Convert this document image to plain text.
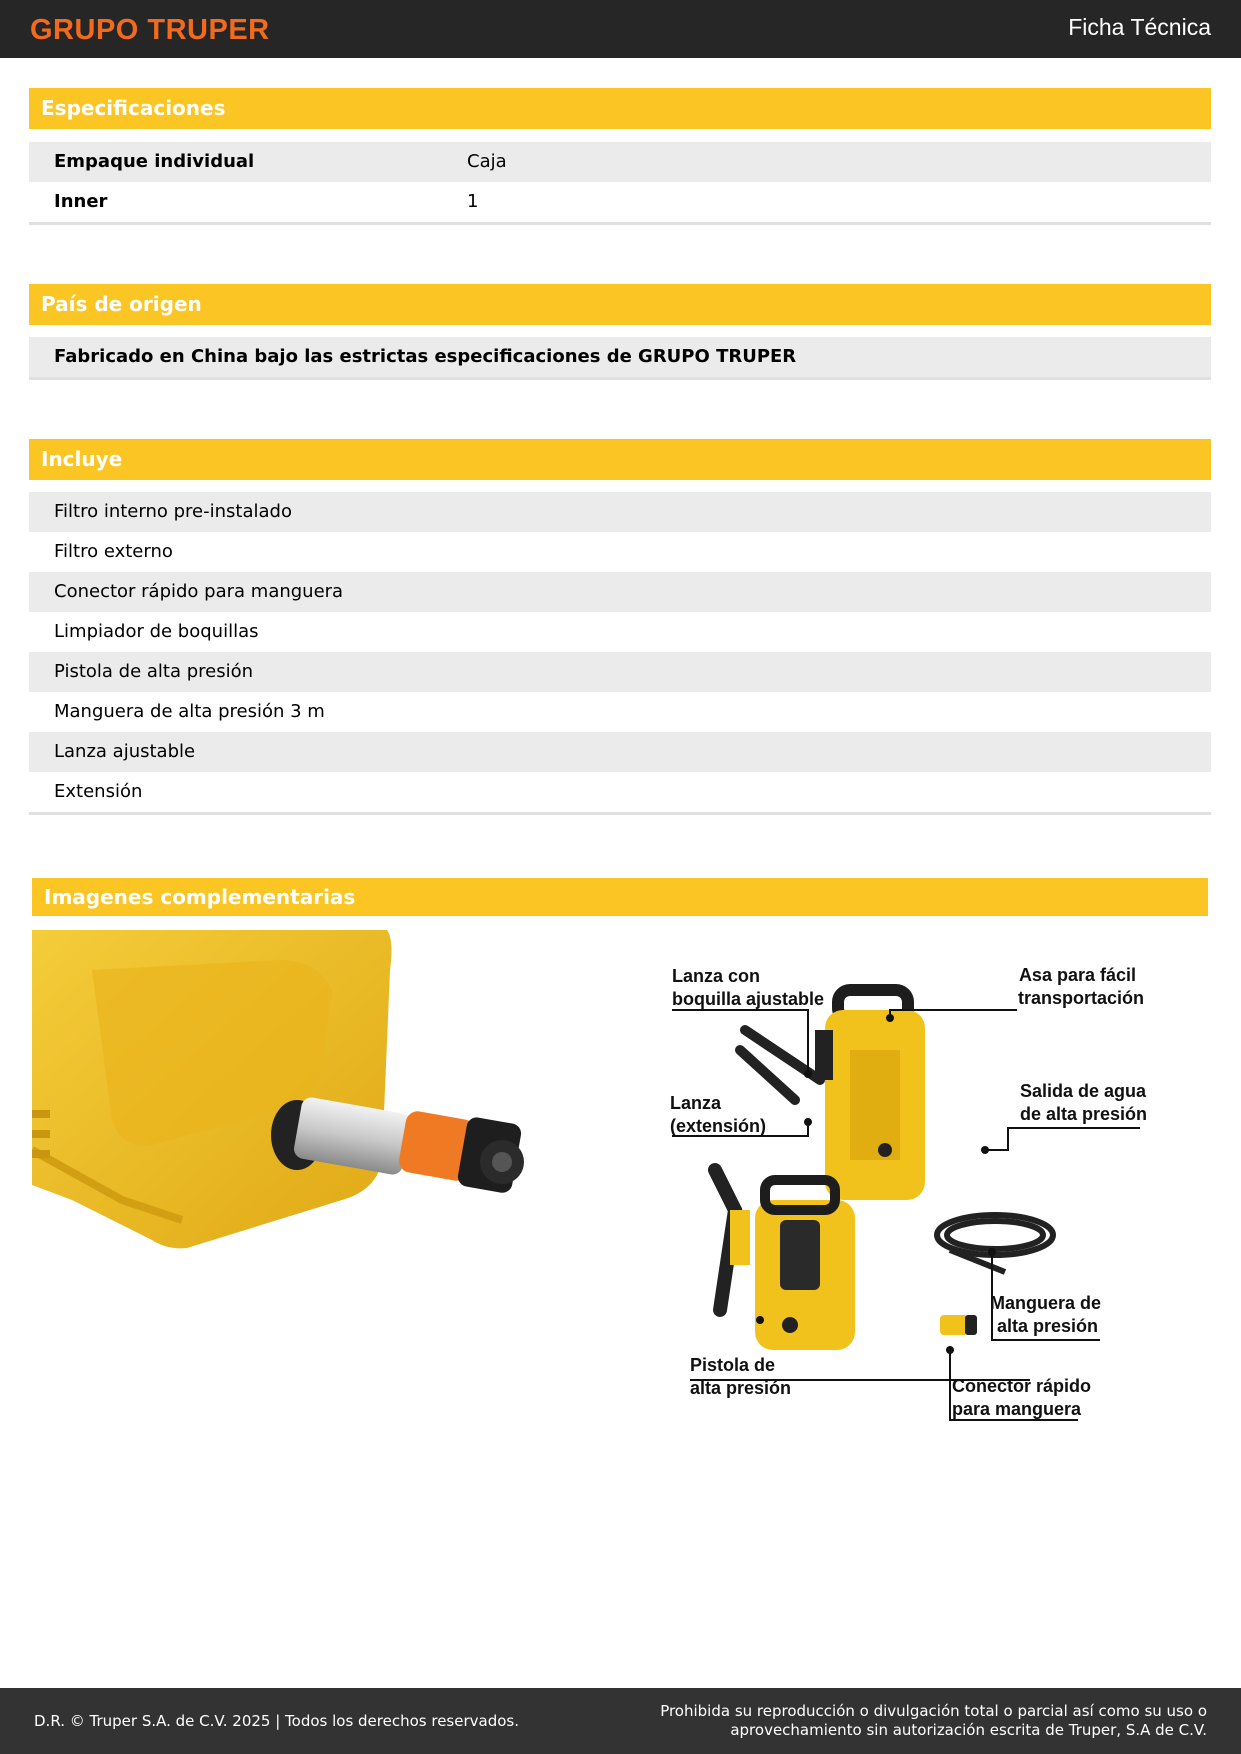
GRUPO TRUPER	Ficha Técnica
Especificaciones
Empaque individual	Caja
Inner	1
País de origen
Fabricado en China bajo las estrictas especificaciones de GRUPO TRUPER
Incluye
Filtro interno pre-instalado
Filtro externo
Conector rápido para manguera
Limpiador de boquillas
Pistola de alta presión
Manguera de alta presión 3 m
Lanza ajustable
Extensión
Imagenes complementarias
Lanza con
boquilla ajustable
Lanza
(extensión)
Asa para fácil
transportación
Salida de agua
de alta presión
Pistola de
alta presión
Manguera de
alta presión
Conector rápido
para manguera
D.R. © Truper S.A. de C.V. 2025 | Todos los derechos reservados.
Prohibida su reproducción o divulgación total o parcial así como su uso o
aprovechamiento sin autorización escrita de Truper, S.A de C.V.
